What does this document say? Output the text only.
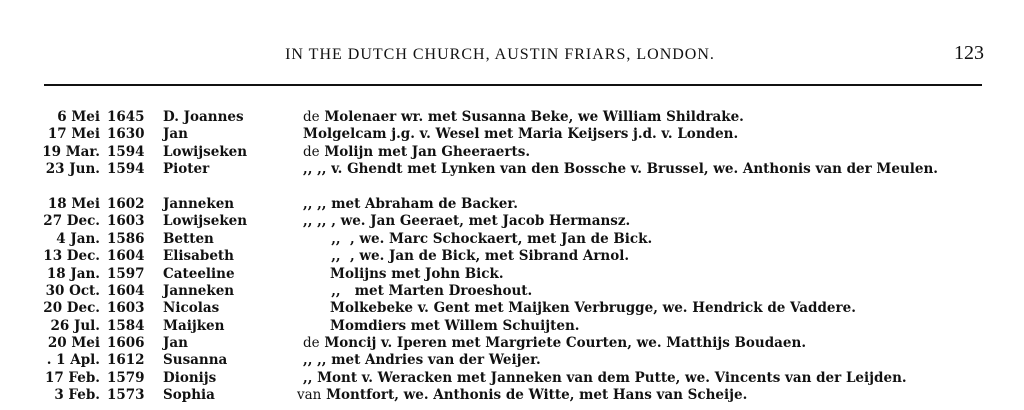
IN THE DUTCH CHURCH, AUSTIN FRIARS, LONDON.	123
6 Mei 1645 D. Joannes	de Molenaer wr. met Susanna Beke, we William Shildrake.
17 Mei 1630 Jan	Molgelcam j.g. v. Wesel met Maria Keijsers j.d. v. Londen.
19 Mar. 1594 Lowijseken	de Molijn met Jan Gheeraerts.
23 Jun. 1594 Pioter	,, ,, v. Ghendt met Lynken van den Bossche v. Brussel, we. Anthonis van der Meulen.
18 Mei 1602 Janneken	,, ,, met Abraham de Backer.
27 Dec. 1603 Lowijseken	,, ,, , we. Jan Geeraet, met Jacob Hermansz.
4 Jan. 1586 Betten	,,  , we. Marc Schockaert, met Jan de Bick.
13 Dec. 1604 Elisabeth	,,  , we. Jan de Bick, met Sibrand Arnol.
18 Jan. 1597 Cateeline	Molijns met John Bick.
30 Oct. 1604 Janneken	,,   met Marten Droeshout.
20 Dec. 1603 Nicolas	Molkebeke v. Gent met Maijken Verbrugge, we. Hendrick de Vaddere.
26 Jul. 1584 Maijken	Momdiers met Willem Schuijten.
20 Mei 1606 Jan	de Moncij v. Iperen met Margriete Courten, we. Matthijs Boudaen.
. 1 Apl. 1612 Susanna	,, ,, met Andries van der Weijer.
17 Feb. 1579 Dionijs	,, Mont v. Weracken met Janneken van dem Putte, we. Vincents van der Leijden.
3 Feb. 1573 Sophia	van Montfort, we. Anthonis de Witte, met Hans van Scheije.
